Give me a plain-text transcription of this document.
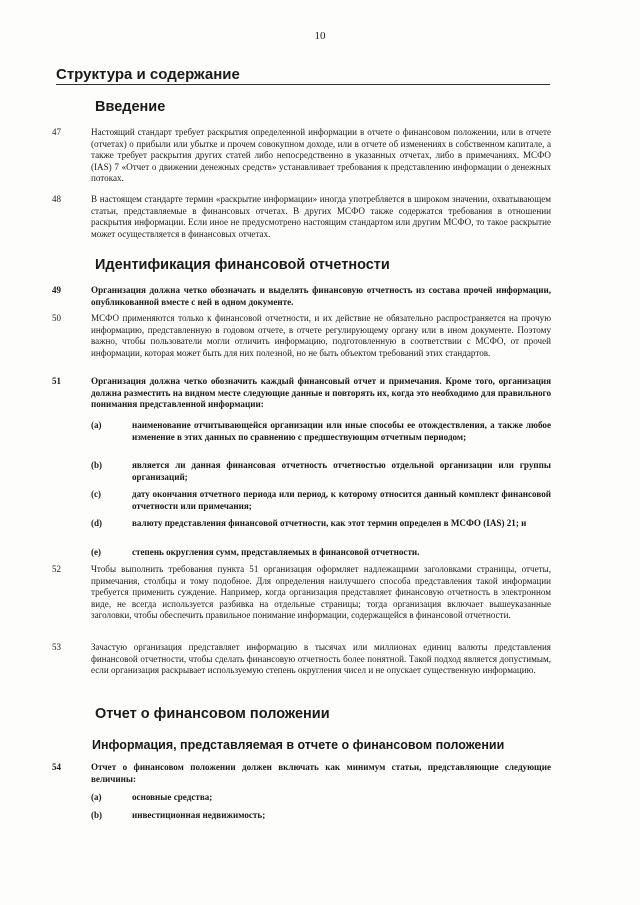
10
Структура и содержание
Введение
47	Настоящий стандарт требует раскрытия определенной информации в отчете о финансовом положении, или в отчете (отчетах) о прибыли или убытке и прочем совокупном доходе, или в отчете об изменениях в собственном капитале, а также требует раскрытия других статей либо непосредственно в указанных отчетах, либо в примечаниях. МСФО (IAS) 7 «Отчет о движении денежных средств» устанавливает требования к представлению информации о денежных потоках.
48	В настоящем стандарте термин «раскрытие информации» иногда употребляется в широком значении, охватывающем статьи, представляемые в финансовых отчетах. В других МСФО также содержатся требования в отношении раскрытия информации. Если иное не предусмотрено настоящим стандартом или другим МСФО, то такое раскрытие может осуществляется в финансовых отчетах.
Идентификация финансовой отчетности
49	Организация должна четко обозначать и выделять финансовую отчетность из состава прочей информации, опубликованной вместе с ней в одном документе.
50	МСФО применяются только к финансовой отчетности, и их действие не обязательно распространяется на прочую информацию, представленную в годовом отчете, в отчете регулирующему органу или в ином документе. Поэтому важно, чтобы пользователи могли отличить информацию, подготовленную в соответствии с МСФО, от прочей информации, которая может быть для них полезной, но не быть объектом требований этих стандартов.
51	Организация должна четко обозначить каждый финансовый отчет и примечания. Кроме того, организация должна разместить на видном месте следующие данные и повторять их, когда это необходимо для правильного понимания представленной информации:
(a)	наименование отчитывающейся организации или иные способы ее отождествления, а также любое изменение в этих данных по сравнению с предшествующим отчетным периодом;
(b)	является ли данная финансовая отчетность отчетностью отдельной организации или группы организаций;
(c)	дату окончания отчетного периода или период, к которому относится данный комплект финансовой отчетности или примечания;
(d)	валюту представления финансовой отчетности, как этот термин определен в МСФО (IAS) 21; и
(e)	степень округления сумм, представляемых в финансовой отчетности.
52	Чтобы выполнить требования пункта 51 организация оформляет надлежащими заголовками страницы, отчеты, примечания, столбцы и тому подобное. Для определения наилучшего способа представления такой информации требуется применить суждение. Например, когда организация представляет финансовую отчетность в электронном виде, не всегда используется разбивка на отдельные страницы; тогда организация включает вышеуказанные заголовки, чтобы обеспечить правильное понимание информации, содержащейся в финансовой отчетности.
53	Зачастую организация представляет информацию в тысячах или миллионах единиц валюты представления финансовой отчетности, чтобы сделать финансовую отчетность более понятной. Такой подход является допустимым, если организация раскрывает используемую степень округления чисел и не опускает существенную информацию.
Отчет о финансовом положении
Информация, представляемая в отчете о финансовом положении
54	Отчет о финансовом положении должен включать как минимум статьи, представляющие следующие величины:
(a)	основные средства;
(b)	инвестиционная недвижимость;
